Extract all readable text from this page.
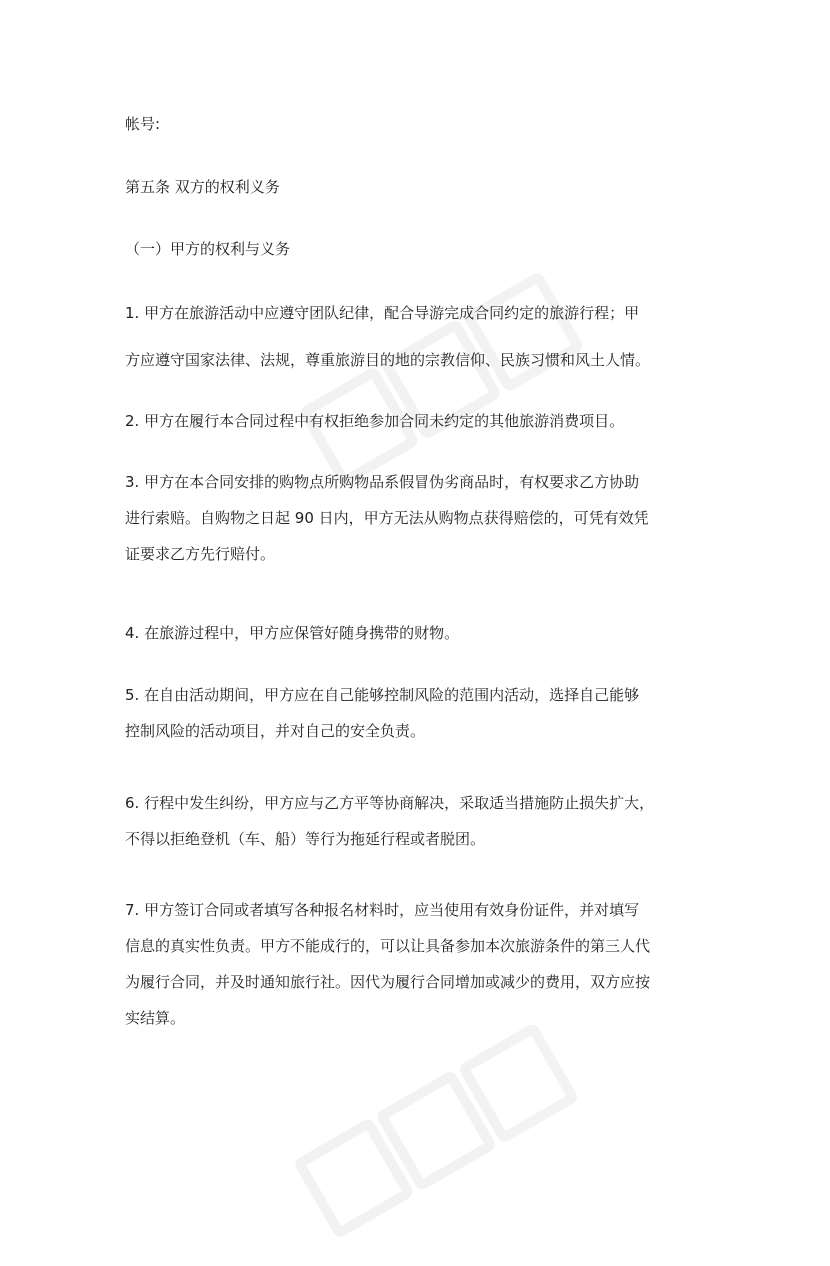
帐号:

第五条 双方的权利义务

（一）甲方的权利与义务

1. 甲方在旅游活动中应遵守团队纪律，配合导游完成合同约定的旅游行程；甲
方应遵守国家法律、法规，尊重旅游目的地的宗教信仰、民族习惯和风土人情。
2. 甲方在履行本合同过程中有权拒绝参加合同未约定的其他旅游消费项目。
3. 甲方在本合同安排的购物点所购物品系假冒伪劣商品时，有权要求乙方协助
进行索赔。自购物之日起 90 日内，甲方无法从购物点获得赔偿的，可凭有效凭
证要求乙方先行赔付。
4. 在旅游过程中，甲方应保管好随身携带的财物。
5. 在自由活动期间，甲方应在自己能够控制风险的范围内活动，选择自己能够
控制风险的活动项目，并对自己的安全负责。
6. 行程中发生纠纷，甲方应与乙方平等协商解决，采取适当措施防止损失扩大，
不得以拒绝登机（车、船）等行为拖延行程或者脱团。
7. 甲方签订合同或者填写各种报名材料时，应当使用有效身份证件，并对填写
信息的真实性负责。甲方不能成行的，可以让具备参加本次旅游条件的第三人代
为履行合同，并及时通知旅行社。因代为履行合同增加或减少的费用，双方应按
实结算。
